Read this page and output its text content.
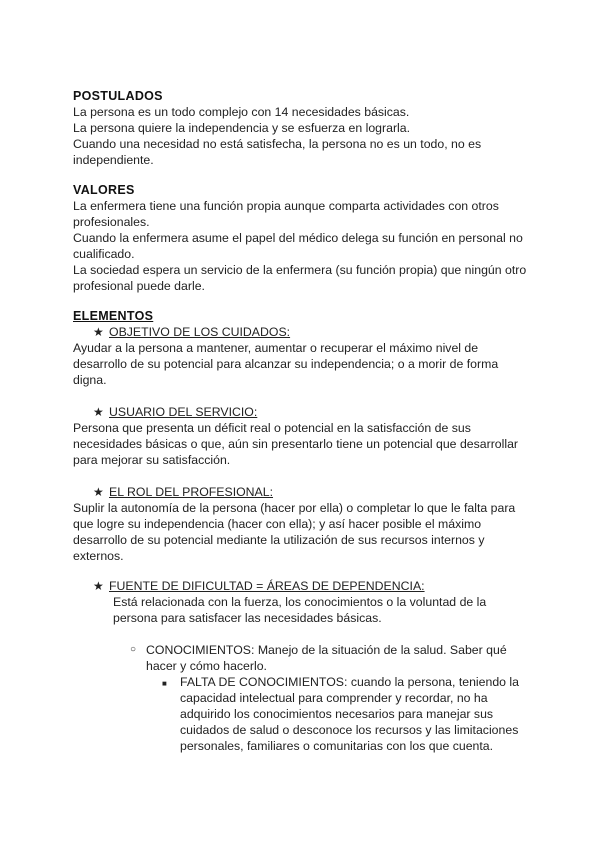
POSTULADOS

La persona es un todo complejo con 14 necesidades básicas.

La persona quiere la independencia y se esfuerza en lograrla.

Cuando una necesidad no está satisfecha, la persona no es un todo, no es independiente.

VALORES

La enfermera tiene una función propia aunque comparta actividades con otros profesionales.

Cuando la enfermera asume el papel del médico delega su función en personal no cualificado.

La sociedad espera un servicio de la enfermera (su función propia) que ningún otro profesional puede darle.

ELEMENTOS
★ OBJETIVO DE LOS CUIDADOS:
Ayudar a la persona a mantener, aumentar o recuperar el máximo nivel de desarrollo de su potencial para alcanzar su independencia; o a morir de forma digna.
★ USUARIO DEL SERVICIO:
Persona que presenta un déficit real o potencial en la satisfacción de sus necesidades básicas o que, aún sin presentarlo tiene un potencial que desarrollar para mejorar su satisfacción.
★ EL ROL DEL PROFESIONAL:
Suplir la autonomía de la persona (hacer por ella) o completar lo que le falta para que logre su independencia (hacer con ella); y así hacer posible el máximo desarrollo de su potencial mediante la utilización de sus recursos internos y externos.
★ FUENTE DE DIFICULTAD = ÁREAS DE DEPENDENCIA:
Está relacionada con la fuerza, los conocimientos o la voluntad de la persona para satisfacer las necesidades básicas.
○ CONOCIMIENTOS: Manejo de la situación de la salud. Saber qué hacer y cómo hacerlo.
■	FALTA DE CONOCIMIENTOS: cuando la persona, teniendo la capacidad intelectual para comprender y recordar, no ha adquirido los conocimientos necesarios para manejar sus cuidados de salud o desconoce los recursos y las limitaciones personales, familiares o comunitarias con los que cuenta.
